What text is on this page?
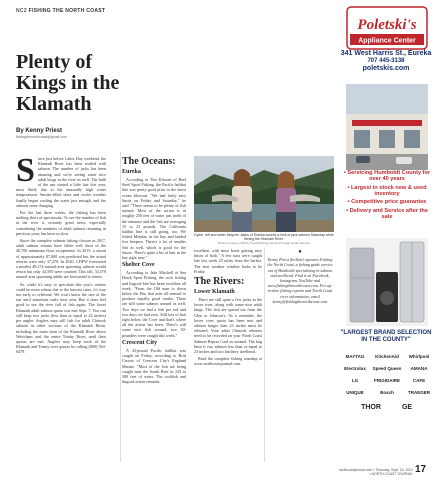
NC2 FISHING THE NORTH COAST
Plenty of Kings in the Klamath
By Kenny Priest
fishingthenorthcoast@gmail.com

Since just before Labor Day weekend, the Klamath River has been stuffed with salmon. The number of jacks has been amazing and we're seeing some nice adult kings in the river as well. The bulk of the run started a little late this year, most likely due to the unusually high water temperatures. Smoke-filled skies and cooler weather finally began cooling the water just enough, and the salmon came charging.

For the last three weeks, the fishing has been nothing short of spectacular. To see the number of fish in the river is certainly good news, especially considering the numbers of adult salmon returning in previous years has been so slow.

Since the complete salmon fishing closure in 2017, adult salmon returns have fallen well short of the 40,700 minimum floor escapement. In 2019, a return of approximately 87,000 was predicted but the actual returns were only 37,270. In 2020, CDFW forecasted a modest 48,274 natural-area spawning salmon would return but only 34,595 were counted. This fall, 33,578 natural area spawning adults are forecasted to return.

So, while it's easy to speculate this year's returns could be more robust due to the harvest rates, it's way too early to celebrate. We won't know the size of the run until sometime early next year. But it does feel good to see the river full of fish again. The lower Klamath adult salmon quota was met Sept. 7. You can still keep two jacks (less than or equal to 23 inches) per angler. Anglers may still fish for adult Chinook salmon in other sections of the Klamath Basin, including the main stem of the Klamath River above Weitchpec and the entire Trinity River, until their quotas are met. Anglers may keep track of the Klamath and Trinity river quotas by calling (800) 564-6479.

The Oceans:
Eureka

According to Tim Klassen of Reel Steel Sport Fishing, the Pacific halibut bite was pretty good prior to the latest ocean blowout. "We had fairly easy limits on Friday and Saturday," he said. "There seems to be plenty of fish around. Most of the action is in roughly 250 feet of water just north of the entrance and the fish are averaging 15 to 25 pounds. The California halibut bite is still going, too. We fished Monday in the bay and landed five keepers. There's a lot of smaller fish as well, which is good for the future. There's quite a bit of bait in the bay right now."

Shelter Cove

According to Jake Mitchell of Sea Hawk Sport Fishing, the rock fishing and lingcod bite has been excellent all week. "From the Old man to down below the Hat, that area all seemed to produce equally good results. There are still some salmon around as well. Two days we had a fish per rod and two days we had zero. Still lots of bait right below the Cove and that's where all the action has been. There's still some nice fish around, two 30-pounders were caught this week."

Crescent City

A 43-pound Pacific halibut was caught on Friday, according to Britt Carson of Crescent City's Englund Marine. "Most of the fish are being caught near the South Reef in 225 to 300 feet of water. The rockfish and lingcod action remains

Kylee, left and sister Maycee Jacks of Eureka scored a limit of jack salmon Saturday while fishing the Klamath River.
Photo courtesy of Betty Priest/Fishing the North Coast Guide Service

excellent, with most boats getting easy limits of both." A few tuna were caught late last week 25 miles from the harbor. The next weather window looks to be Friday.

The Rivers:
Lower Klamath

There are still quite a few jacks in the lower river, along with some nice adult kings. The fish are spread out from the Glen to Johnson's. As a reminder, the lower river quota has been met and salmon longer than 23 inches must be released. Your adult Chinook releases need to be recorded on your North Coast Salmon Report Card as normal. The bag limit is two salmon less than or equal to 23 inches and two hatchery steelhead.

Read the complete fishing roundup at www.northcoastjournal.com.

●

Kenny Priest (he/him) operates Fishing the North Coast, a fishing guide service out of Humboldt specializing in salmon and steelhead. Find it on Facebook, Instagram, YouTube and www.fishingthenorthcoast.com. For up-to-date fishing reports and North Coast river information, email kenny@fishingthenorthcoast.com

Poletski's
Appliance Center
341 West Harris St., Eureka
707 445-3138
poletskis.com
• Servicing Humboldt County for over 40 years
• Largest in stock new & used inventory
• Competitive price guarantee
• Delivery and Service after the sale
"LARGEST BRAND SELECTION IN THE COUNTY"
MAYTAG	KitchenAid	Whirlpool
Electrolux	Speed Queen	AMANA
LG	FRIGIDAIRE	CAFE
UNIQUE	Bosch	TRAEGER
THOR	GE
northcoastjournal.com • Thursday, Sept. 16, 2021 • NORTH COAST JOURNAL 17
